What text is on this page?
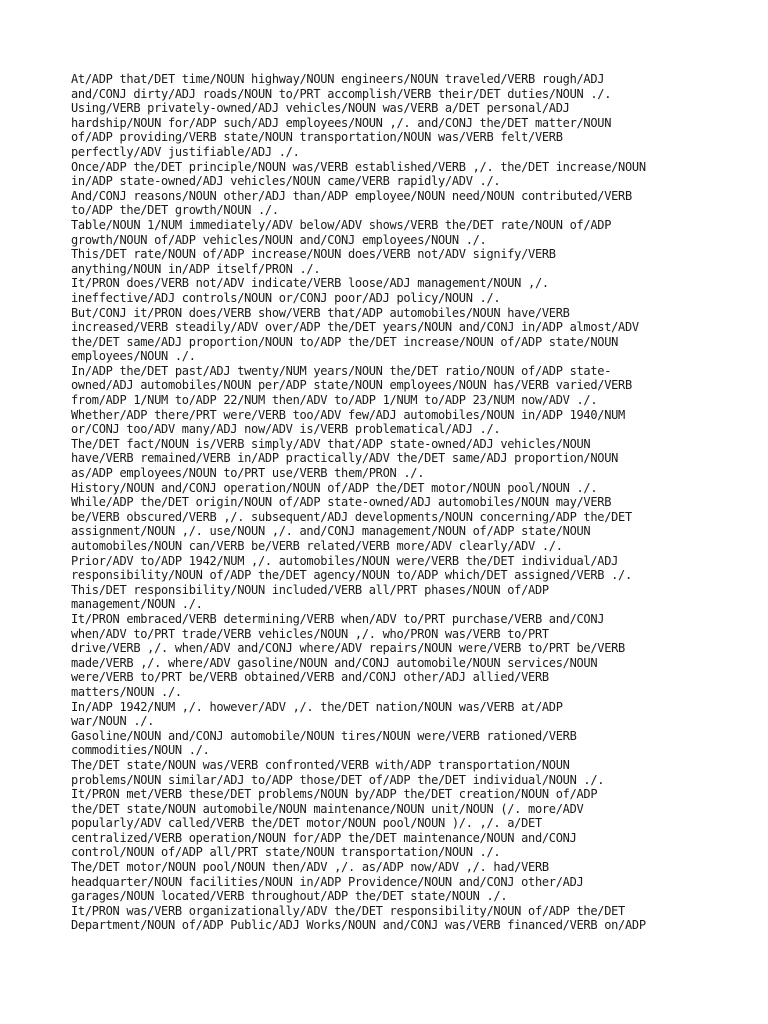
At/ADP that/DET time/NOUN highway/NOUN engineers/NOUN traveled/VERB rough/ADJ
and/CONJ dirty/ADJ roads/NOUN to/PRT accomplish/VERB their/DET duties/NOUN ./.
Using/VERB privately-owned/ADJ vehicles/NOUN was/VERB a/DET personal/ADJ
hardship/NOUN for/ADP such/ADJ employees/NOUN ,/. and/CONJ the/DET matter/NOUN
of/ADP providing/VERB state/NOUN transportation/NOUN was/VERB felt/VERB
perfectly/ADV justifiable/ADJ ./.
Once/ADP the/DET principle/NOUN was/VERB established/VERB ,/. the/DET increase/NOUN
in/ADP state-owned/ADJ vehicles/NOUN came/VERB rapidly/ADV ./.
And/CONJ reasons/NOUN other/ADJ than/ADP employee/NOUN need/NOUN contributed/VERB
to/ADP the/DET growth/NOUN ./.
Table/NOUN 1/NUM immediately/ADV below/ADV shows/VERB the/DET rate/NOUN of/ADP
growth/NOUN of/ADP vehicles/NOUN and/CONJ employees/NOUN ./.
This/DET rate/NOUN of/ADP increase/NOUN does/VERB not/ADV signify/VERB
anything/NOUN in/ADP itself/PRON ./.
It/PRON does/VERB not/ADV indicate/VERB loose/ADJ management/NOUN ,/.
ineffective/ADJ controls/NOUN or/CONJ poor/ADJ policy/NOUN ./.
But/CONJ it/PRON does/VERB show/VERB that/ADP automobiles/NOUN have/VERB
increased/VERB steadily/ADV over/ADP the/DET years/NOUN and/CONJ in/ADP almost/ADV
the/DET same/ADJ proportion/NOUN to/ADP the/DET increase/NOUN of/ADP state/NOUN
employees/NOUN ./.
In/ADP the/DET past/ADJ twenty/NUM years/NOUN the/DET ratio/NOUN of/ADP state-
owned/ADJ automobiles/NOUN per/ADP state/NOUN employees/NOUN has/VERB varied/VERB
from/ADP 1/NUM to/ADP 22/NUM then/ADV to/ADP 1/NUM to/ADP 23/NUM now/ADV ./.
Whether/ADP there/PRT were/VERB too/ADV few/ADJ automobiles/NOUN in/ADP 1940/NUM
or/CONJ too/ADV many/ADJ now/ADV is/VERB problematical/ADJ ./.
The/DET fact/NOUN is/VERB simply/ADV that/ADP state-owned/ADJ vehicles/NOUN
have/VERB remained/VERB in/ADP practically/ADV the/DET same/ADJ proportion/NOUN
as/ADP employees/NOUN to/PRT use/VERB them/PRON ./.
History/NOUN and/CONJ operation/NOUN of/ADP the/DET motor/NOUN pool/NOUN ./.
While/ADP the/DET origin/NOUN of/ADP state-owned/ADJ automobiles/NOUN may/VERB
be/VERB obscured/VERB ,/. subsequent/ADJ developments/NOUN concerning/ADP the/DET
assignment/NOUN ,/. use/NOUN ,/. and/CONJ management/NOUN of/ADP state/NOUN
automobiles/NOUN can/VERB be/VERB related/VERB more/ADV clearly/ADV ./.
Prior/ADV to/ADP 1942/NUM ,/. automobiles/NOUN were/VERB the/DET individual/ADJ
responsibility/NOUN of/ADP the/DET agency/NOUN to/ADP which/DET assigned/VERB ./.
This/DET responsibility/NOUN included/VERB all/PRT phases/NOUN of/ADP
management/NOUN ./.
It/PRON embraced/VERB determining/VERB when/ADV to/PRT purchase/VERB and/CONJ
when/ADV to/PRT trade/VERB vehicles/NOUN ,/. who/PRON was/VERB to/PRT
drive/VERB ,/. when/ADV and/CONJ where/ADV repairs/NOUN were/VERB to/PRT be/VERB
made/VERB ,/. where/ADV gasoline/NOUN and/CONJ automobile/NOUN services/NOUN
were/VERB to/PRT be/VERB obtained/VERB and/CONJ other/ADJ allied/VERB
matters/NOUN ./.
In/ADP 1942/NUM ,/. however/ADV ,/. the/DET nation/NOUN was/VERB at/ADP
war/NOUN ./.
Gasoline/NOUN and/CONJ automobile/NOUN tires/NOUN were/VERB rationed/VERB
commodities/NOUN ./.
The/DET state/NOUN was/VERB confronted/VERB with/ADP transportation/NOUN
problems/NOUN similar/ADJ to/ADP those/DET of/ADP the/DET individual/NOUN ./.
It/PRON met/VERB these/DET problems/NOUN by/ADP the/DET creation/NOUN of/ADP
the/DET state/NOUN automobile/NOUN maintenance/NOUN unit/NOUN (/. more/ADV
popularly/ADV called/VERB the/DET motor/NOUN pool/NOUN )/. ,/. a/DET
centralized/VERB operation/NOUN for/ADP the/DET maintenance/NOUN and/CONJ
control/NOUN of/ADP all/PRT state/NOUN transportation/NOUN ./.
The/DET motor/NOUN pool/NOUN then/ADV ,/. as/ADP now/ADV ,/. had/VERB
headquarter/NOUN facilities/NOUN in/ADP Providence/NOUN and/CONJ other/ADJ
garages/NOUN located/VERB throughout/ADP the/DET state/NOUN ./.
It/PRON was/VERB organizationally/ADV the/DET responsibility/NOUN of/ADP the/DET
Department/NOUN of/ADP Public/ADJ Works/NOUN and/CONJ was/VERB financed/VERB on/ADP
